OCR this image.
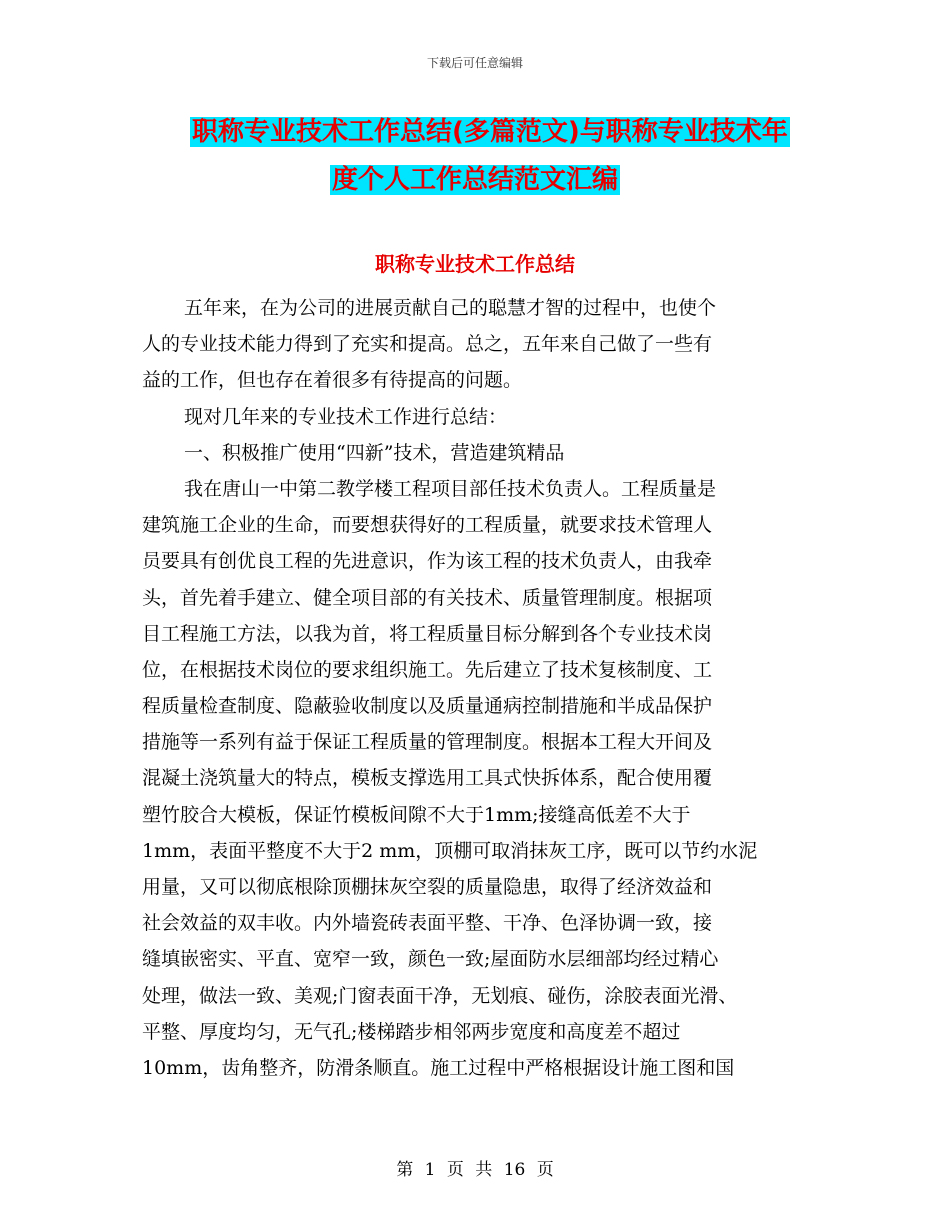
下载后可任意编辑
职称专业技术工作总结(多篇范文)与职称专业技术年
度个人工作总结范文汇编
职称专业技术工作总结
五年来，在为公司的进展贡献自己的聪慧才智的过程中，也使个
人的专业技术能力得到了充实和提高。总之，五年来自己做了一些有
益的工作，但也存在着很多有待提高的问题。
现对几年来的专业技术工作进行总结：
一、积极推广使用“四新”技术，营造建筑精品
我在唐山一中第二教学楼工程项目部任技术负责人。工程质量是
建筑施工企业的生命，而要想获得好的工程质量，就要求技术管理人
员要具有创优良工程的先进意识，作为该工程的技术负责人，由我牵
头，首先着手建立、健全项目部的有关技术、质量管理制度。根据项
目工程施工方法，以我为首，将工程质量目标分解到各个专业技术岗
位，在根据技术岗位的要求组织施工。先后建立了技术复核制度、工
程质量检查制度、隐蔽验收制度以及质量通病控制措施和半成品保护
措施等一系列有益于保证工程质量的管理制度。根据本工程大开间及
混凝土浇筑量大的特点，模板支撑选用工具式快拆体系，配合使用覆
塑竹胶合大模板，保证竹模板间隙不大于1mm;接缝高低差不大于
1mm，表面平整度不大于2 mm，顶棚可取消抹灰工序，既可以节约水泥
用量，又可以彻底根除顶棚抹灰空裂的质量隐患，取得了经济效益和
社会效益的双丰收。内外墙瓷砖表面平整、干净、色泽协调一致，接
缝填嵌密实、平直、宽窄一致，颜色一致;屋面防水层细部均经过精心
处理，做法一致、美观;门窗表面干净，无划痕、碰伤，涂胶表面光滑、
平整、厚度均匀，无气孔;楼梯踏步相邻两步宽度和高度差不超过
10mm，齿角整齐，防滑条顺直。施工过程中严格根据设计施工图和国
第 1 页 共 16 页
